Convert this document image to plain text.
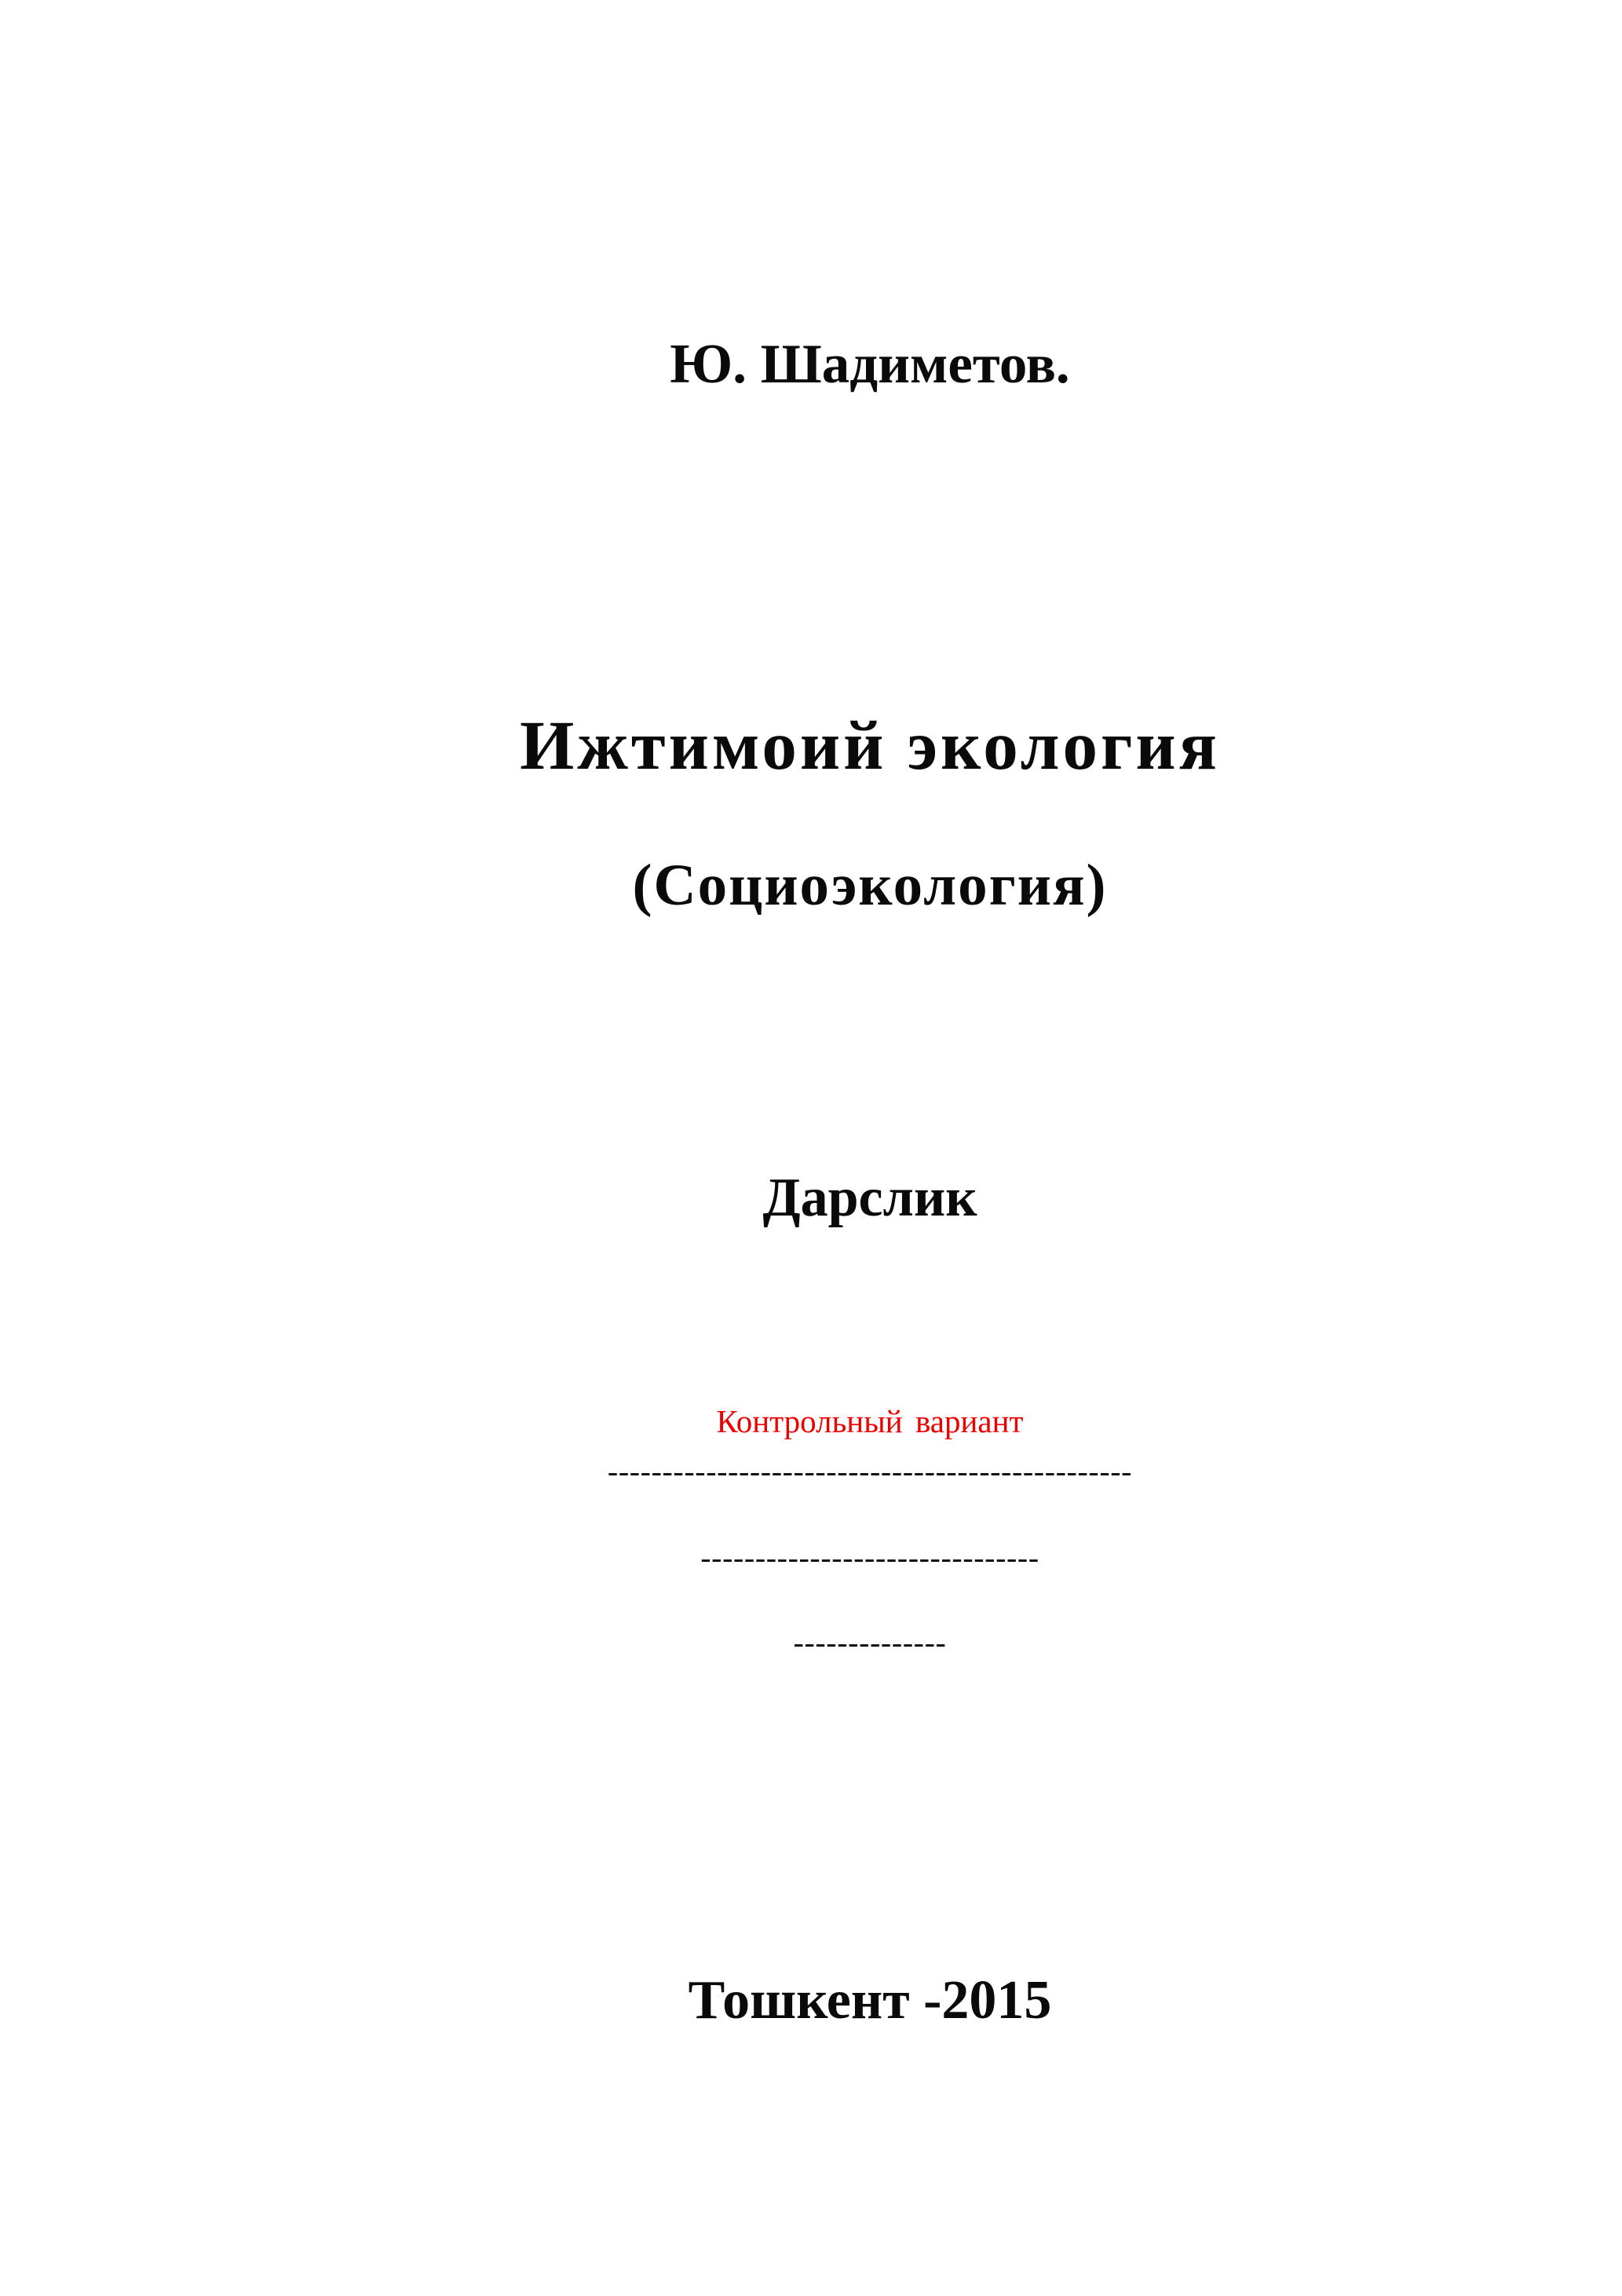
Ю. Шадиметов.
Ижтимоий экология
(Социоэкология)
Дарслик
Контрольный вариант
------------------------------------------------
-------------------------------
--------------
Тошкент -2015
